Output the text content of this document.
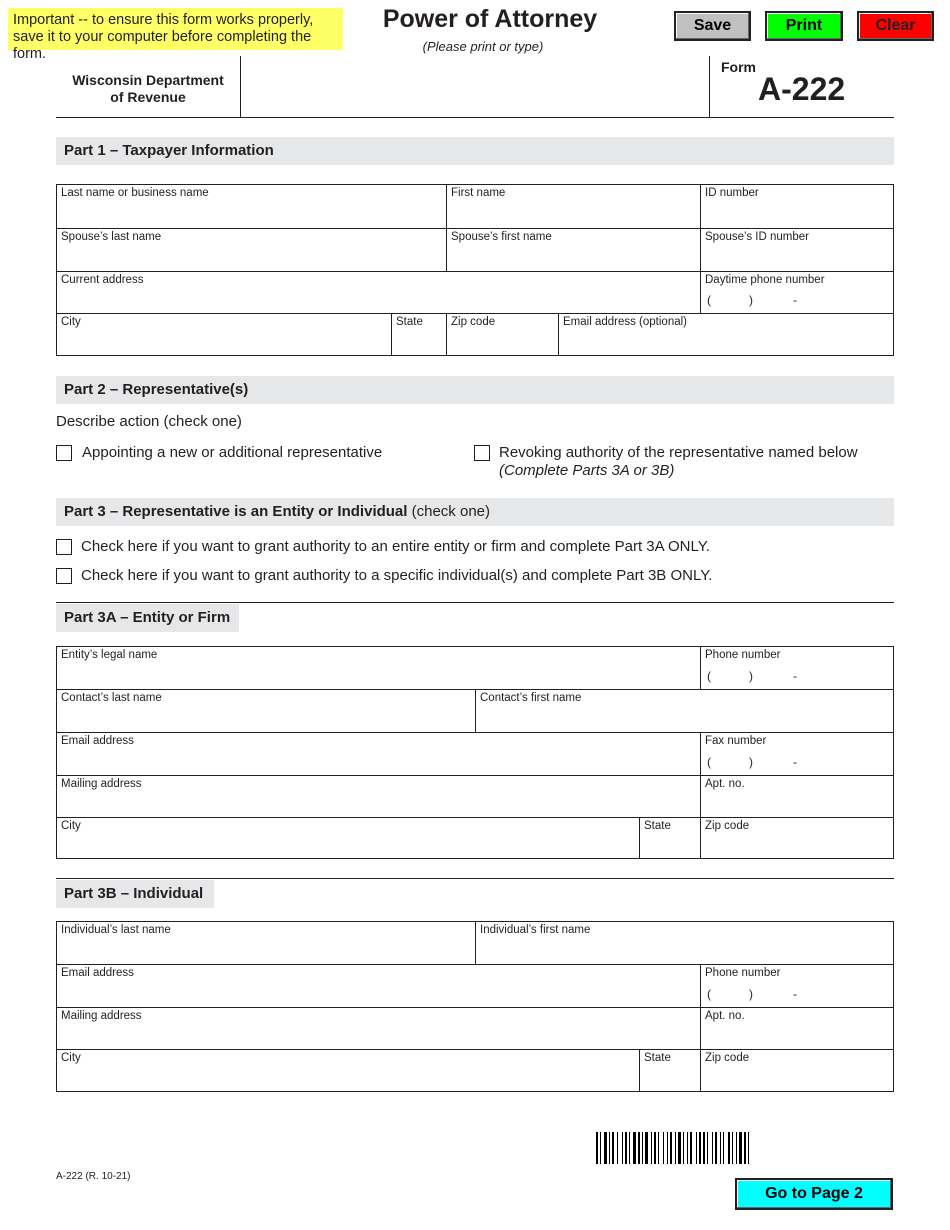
Important -- to ensure this form works properly,
save it to your computer before completing the form.
Power of Attorney
(Please print or type)
Save	Print	Clear
Wisconsin Department
of Revenue
Form
A-222
Part 1 – Taxpayer Information
Last name or business name	First name	ID number
Spouse’s last name	Spouse’s first name	Spouse’s ID number
Current address	Daytime phone number
(	)	-
City	State	Zip code	Email address (optional)
Part 2 – Representative(s)
Describe action (check one)
Appointing a new or additional representative	Revoking authority of the representative named below
(Complete Parts 3A or 3B)
Part 3 – Representative is an Entity or Individual (check one)
Check here if you want to grant authority to an entire entity or firm and complete Part 3A ONLY.
Check here if you want to grant authority to a specific individual(s) and complete Part 3B ONLY.
Part 3A – Entity or Firm
Entity’s legal name	Phone number
(	)	-
Contact’s last name	Contact’s first name
Email address	Fax number
(	)	-
Mailing address	Apt. no.
City	State	Zip code
Part 3B – Individual
Individual’s last name	Individual’s first name
Email address	Phone number
(	)	-
Mailing address	Apt. no.
City	State	Zip code
A-222 (R. 10-21)
Go to Page 2
